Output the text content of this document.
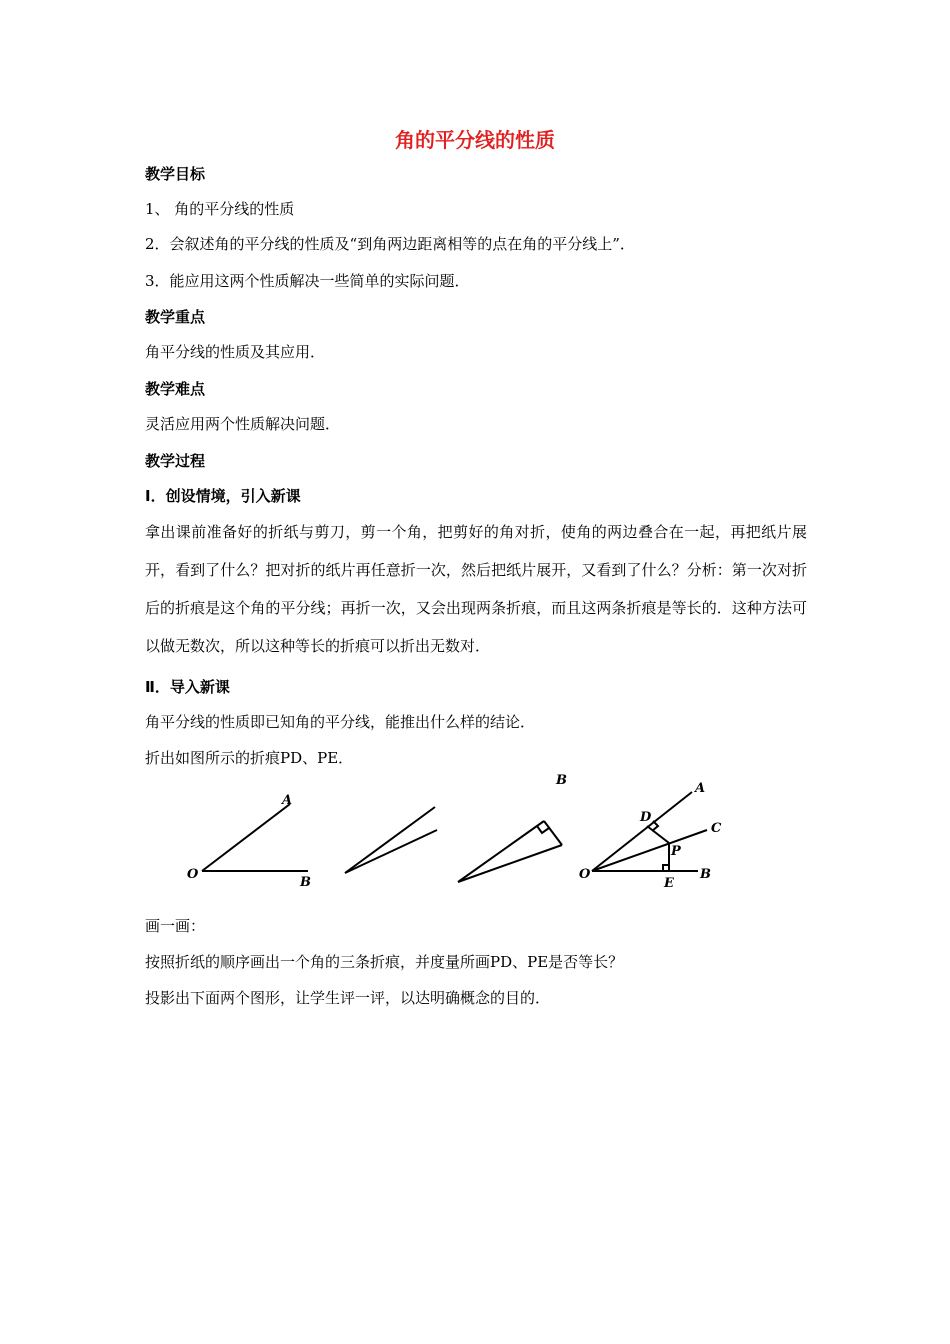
角的平分线的性质
教学目标
1、 角的平分线的性质
2．会叙述角的平分线的性质及“到角两边距离相等的点在角的平分线上”．
3．能应用这两个性质解决一些简单的实际问题．
教学重点
角平分线的性质及其应用．
教学难点
灵活应用两个性质解决问题．
教学过程
Ⅰ．创设情境，引入新课
拿出课前准备好的折纸与剪刀，剪一个角，把剪好的角对折，使角的两边叠合在一起，再把纸片展开，看到了什么？把对折的纸片再任意折一次，然后把纸片展开，又看到了什么？分析：第一次对折后的折痕是这个角的平分线；再折一次，又会出现两条折痕，而且这两条折痕是等长的．这种方法可以做无数次，所以这种等长的折痕可以折出无数对．
Ⅱ．导入新课
角平分线的性质即已知角的平分线，能推出什么样的结论．
折出如图所示的折痕PD、PE．
A
O
B
B
A
D
C
P
O
E
B
画一画：
按照折纸的顺序画出一个角的三条折痕，并度量所画PD、PE是否等长？
投影出下面两个图形，让学生评一评，以达明确概念的目的．
